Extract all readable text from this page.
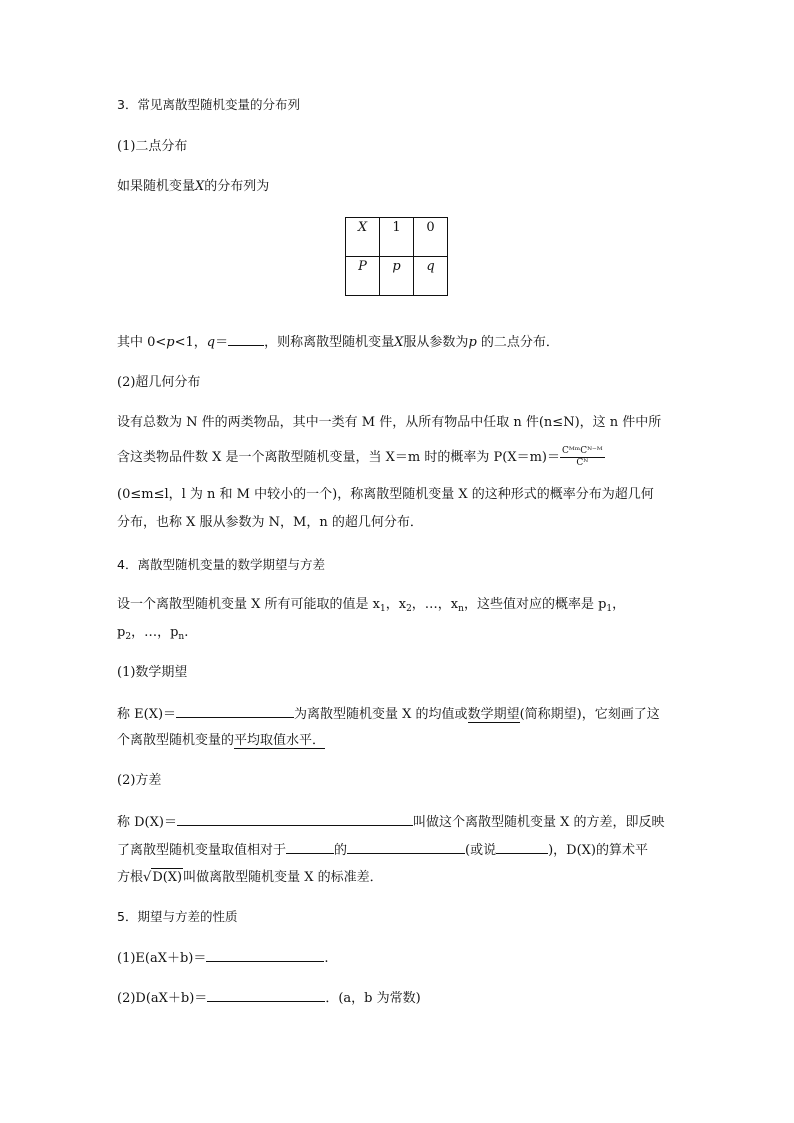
3．常见离散型随机变量的分布列
(1)二点分布
如果随机变量X的分布列为
X	1	0
P	p	q
其中 0<p<1，q＝	，则称离散型随机变量X服从参数为p 的二点分布．
(2)超几何分布
设有总数为 N 件的两类物品，其中一类有 M 件，从所有物品中任取 n 件(n≤N)，这 n 件中所
含这类物品件数 X 是一个离散型随机变量，当 X＝m 时的概率为 $P(X=m)= \frac{\text{CᴹᵐCᴺ⁻ᴹ}}{\text{Cᴺ}}$
(0≤m≤l，l 为 n 和 M 中较小的一个)，称离散型随机变量 X 的这种形式的概率分布为超几何
分布，也称 X 服从参数为 N，M，n 的超几何分布．
4．离散型随机变量的数学期望与方差
设一个离散型随机变量 X 所有可能取的值是 $x_1$，$x_2$，…，$x_n$，这些值对应的概率是 $p_1$，
$p_2$，…，$p_n$.
(1)数学期望
称 E(X)＝	为离散型随机变量 X 的均值或数学期望(简称期望)，它刻画了这
个离散型随机变量的平均取值水平．
(2)方差
称 D(X)＝	叫做这个离散型随机变量 X 的方差，即反映
了离散型随机变量取值相对于	的	(或说	)，D(X)的算术平
方根√D(X)叫做离散型随机变量 X 的标准差．
5．期望与方差的性质
(1)E(aX＋b)＝	.
(2)D(aX＋b)＝	．(a，b 为常数)
